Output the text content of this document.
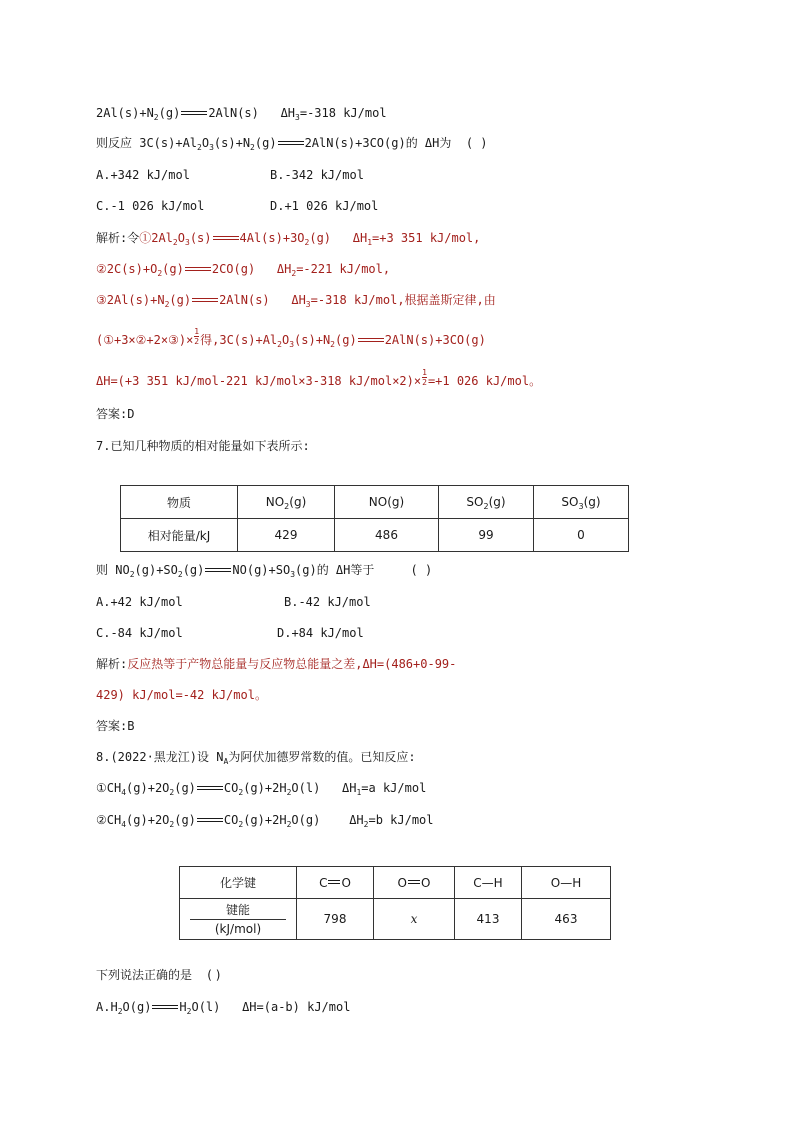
$2Al(s)+N_2(g)$ 2AlN(s) $\Delta H_3=-318$ kJ/mol
则反应 $3C(s)+Al_2O_3(s)+N_2(g)$ 2AlN(s)+3CO(g)的 ΔH为 ( )
A.+342 kJ/mol	B.-342 kJ/mol
C.-1 026 kJ/mol	D.+1 026 kJ/mol
解析:令$①2Al_2O_3(s)$ $4Al(s)+3O_2(g)$ $\Delta H_1=+3$ 351 kJ/mol,
$②2C(s)+O_2(g)$ 2CO(g) $\Delta H_2=-221$ kJ/mol,
$③2Al(s)+N_2(g)$ 2AlN(s) $\Delta H_3=-318$ kJ/mol,根据盖斯定律,由
(①+3×②+2×③)× $\frac{1}{2}$ 得$,3C(s)+Al_2O_3(s)+N_2(g)$ 2AlN(s)+3CO(g)
ΔH=(+3 351 kJ/mol-221 kJ/mol×3-318 $kJ/mol\times 2)\times \frac{1}{2} =+1$ 026 kJ/mol。
答案:D
7.已知几种物质的相对能量如下表所示:
物质	$NO_2(g)$	NO(g)	$SO_2(g)$	$SO_3(g)$
相对能量/kJ	429	486	99	0
则 $NO_2(g)+SO_2(g)$ $NO(g)+SO_3(g)$的 ΔH等于	( )
A.+42 kJ/mol	B.-42 kJ/mol
C.-84 kJ/mol	D.+84 kJ/mol
解析:反应热等于产物总能量与反应物总能量之差,ΔH=(486+0-99-
429) kJ/mol=-42 kJ/mol。
答案:B
8.(2022·黑龙江)设 $N_A$为阿伏加德罗常数的值。已知反应:
$①CH_4(g)+2O_2(g)$ $CO_2(g)+2H_2O(l)$ $\Delta H_1=a$ kJ/mol
$②CH_4(g)+2O_2(g)$ $CO_2(g)+2H_2O(g)$ $\Delta H_2=b$ kJ/mol
化学键	C O	O O	C—H	O—H

键能
(kJ/mol)	798	x	413	463
下列说法正确的是 ( )
$A.H_2O(g)$ $H_2O(l)$ ΔH=(a-b) kJ/mol
